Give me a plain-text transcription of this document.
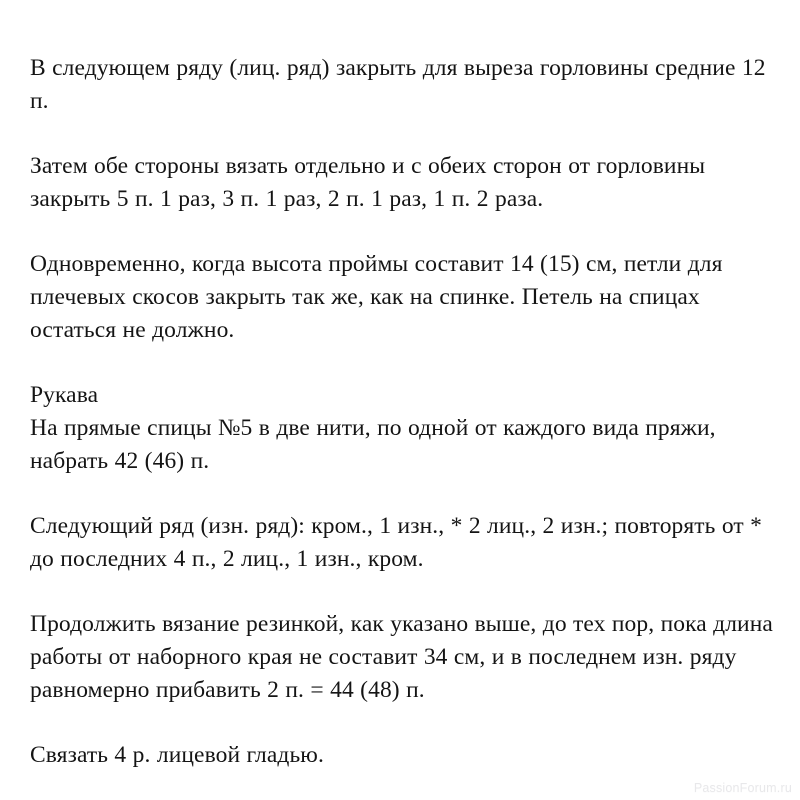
В следующем ряду (лиц. ряд) закрыть для выреза горловины средние 12 п.

Затем обе стороны вязать отдельно и с обеих сторон от горловины закрыть 5 п. 1 раз, 3 п. 1 раз, 2 п. 1 раз, 1 п. 2 раза.

Одновременно, когда высота проймы составит 14 (15) см, петли для плечевых скосов закрыть так же, как на спинке. Петель на спицах остаться не должно.

Рукава

На прямые спицы №5 в две нити, по одной от каждого вида пряжи, набрать 42 (46) п.

Следующий ряд (изн. ряд): кром., 1 изн., * 2 лиц., 2 изн.; повторять от * до последних 4 п., 2 лиц., 1 изн., кром.

Продолжить вязание резинкой, как указано выше, до тех пор, пока длина работы от наборного края не составит 34 см, и в последнем изн. ряду равномерно прибавить 2 п. = 44 (48) п.

Связать 4 р. лицевой гладью.

PassionForum.ru
